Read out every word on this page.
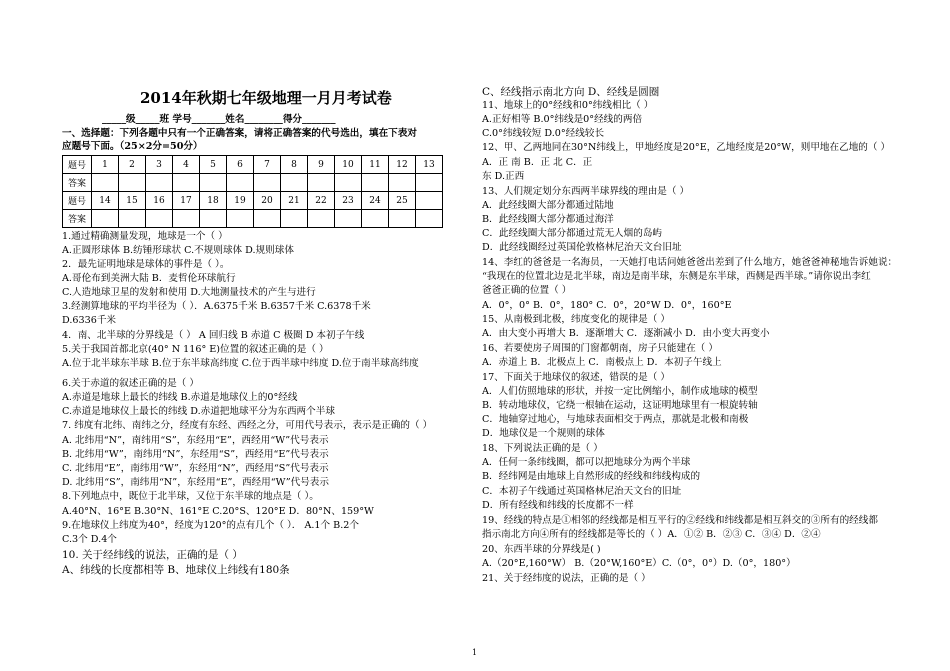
2014年秋期七年级地理一月月考试卷
_____级_____班 学号_______姓名________得分_______
一、选择题：下列各题中只有一个正确答案，请将正确答案的代号选出，填在下表对
应题号下面。（25×2分=50分）
题号	1	2	3	4	5	6	7	8	9	10	11	12	13
答案													
题号	14	15	16	17	18	19	20	21	22	23	24	25	
答案													
1.通过精确测量发现，地球是一个（ ）
A.正圆形球体 B.纺锤形球状 C.不规则球体 D.规则球体
2．最先证明地球是球体的事件是（ ）。
A.哥伦布到美洲大陆 B．麦哲伦环球航行
C.人造地球卫星的发射和使用 D.大地测量技术的产生与进行
3.经测算地球的平均半径为（ ）．A.6375千米 B.6357千米 C.6378千米
D.6336千米
4．南、北半球的分界线是（ ） A 回归线 B 赤道 C 极圈 D 本初子午线
5.关于我国首都北京(40° N 116° E)位置的叙述正确的是（ ）
A.位于北半球东半球 B.位于东半球高纬度 C.位于西半球中纬度 D.位于南半球高纬度
6.关于赤道的叙述正确的是（ ）
A.赤道是地球上最长的纬线 B.赤道是地球仪上的0°经线
C.赤道是地球仪上最长的纬线 D.赤道把地球平分为东西两个半球
7. 纬度有北纬、南纬之分，经度有东经、西经之分，可用代号表示，表示是正确的（ ）
A. 北纬用“N”，南纬用“S”，东经用“E”，西经用“W”代号表示
B. 北纬用“W”，南纬用“N”，东经用“S”，西经用“E”代号表示
C. 北纬用“E”，南纬用“W”，东经用“N”，西经用“S”代号表示
D. 北纬用“S”，南纬用“N”，东经用“E”，西经用“W”代号表示
8.下列地点中，既位于北半球，又位于东半球的地点是（ ）。
A.40°N、16°E B.30°N、161°E C.20°S、120°E D．80°N、159°W
9.在地球仪上纬度为40°，经度为120°的点有几个（ ）． A.1个 B.2个
C.3个 D.4个
10. 关于经纬线的说法，正确的是（ ）
A、纬线的长度都相等 B、地球仪上纬线有180条
C、经线指示南北方向 D、经线是圆圈
11、地球上的0°经线和0°纬线相比（ ）
A.正好相等 B.0°纬线是0°经线的两倍
C.0°纬线较短 D.0°经线较长
12、甲、乙两地同在30°N纬线上，甲地经度是20°E，乙地经度是20°W，则甲地在乙地的（ ）
A．正 南 B．正 北 C．正
东 D.正西
13、人们规定划分东西两半球界线的理由是（ ）
A．此经线圈大部分都通过陆地
B．此经线圈大部分都通过海洋
C．此经线圈大部分都通过荒无人烟的岛屿
D．此经线圈经过英国伦敦格林尼治天文台旧址
14、李红的爸爸是一名海员，一天她打电话问她爸爸出差到了什么地方，她爸爸神秘地告诉她说：
“我现在的位置北边是北半球，南边是南半球，东侧是东半球，西侧是西半球。”请你说出李红
爸爸正确的位置（ ）
A．0°，0° B．0°，180° C．0°，20°W D．0°，160°E
15、从南极到北极，纬度变化的规律是（ ）
A．由大变小再增大 B．逐渐增大 C．逐渐减小 D．由小变大再变小
16、若要使房子周围的门窗都朝南，房子只能建在（ ）
A．赤道上 B．北极点上 C．南极点上 D．本初子午线上
17、下面关于地球仪的叙述，错误的是（ ）
A．人们仿照地球的形状，并按一定比例缩小，制作成地球的模型
B．转动地球仪，它绕一根轴在运动，这证明地球里有一根旋转轴
C．地轴穿过地心，与地球表面相交于两点，那就是北极和南极
D．地球仪是一个规则的球体
18、下列说法正确的是（ ）
A．任何一条纬线圈，都可以把地球分为两个半球
B．经纬网是由地球上自然形成的经线和纬线构成的
C．本初子午线通过英国格林尼治天文台的旧址
D．所有经线和纬线的长度都不一样
19、经线的特点是①相邻的经线都是相互平行的②经线和纬线都是相互斜交的③所有的经线都
指示南北方向④所有的经线都是等长的（ ）A．①② B．②③ C．③④ D．②④
20、东西半球的分界线是( )
A.（20°E,160°W） B.（20°W,160°E）C.（0°，0°）D.（0°，180°）
21、关于经纬度的说法，正确的是（ ）
1
